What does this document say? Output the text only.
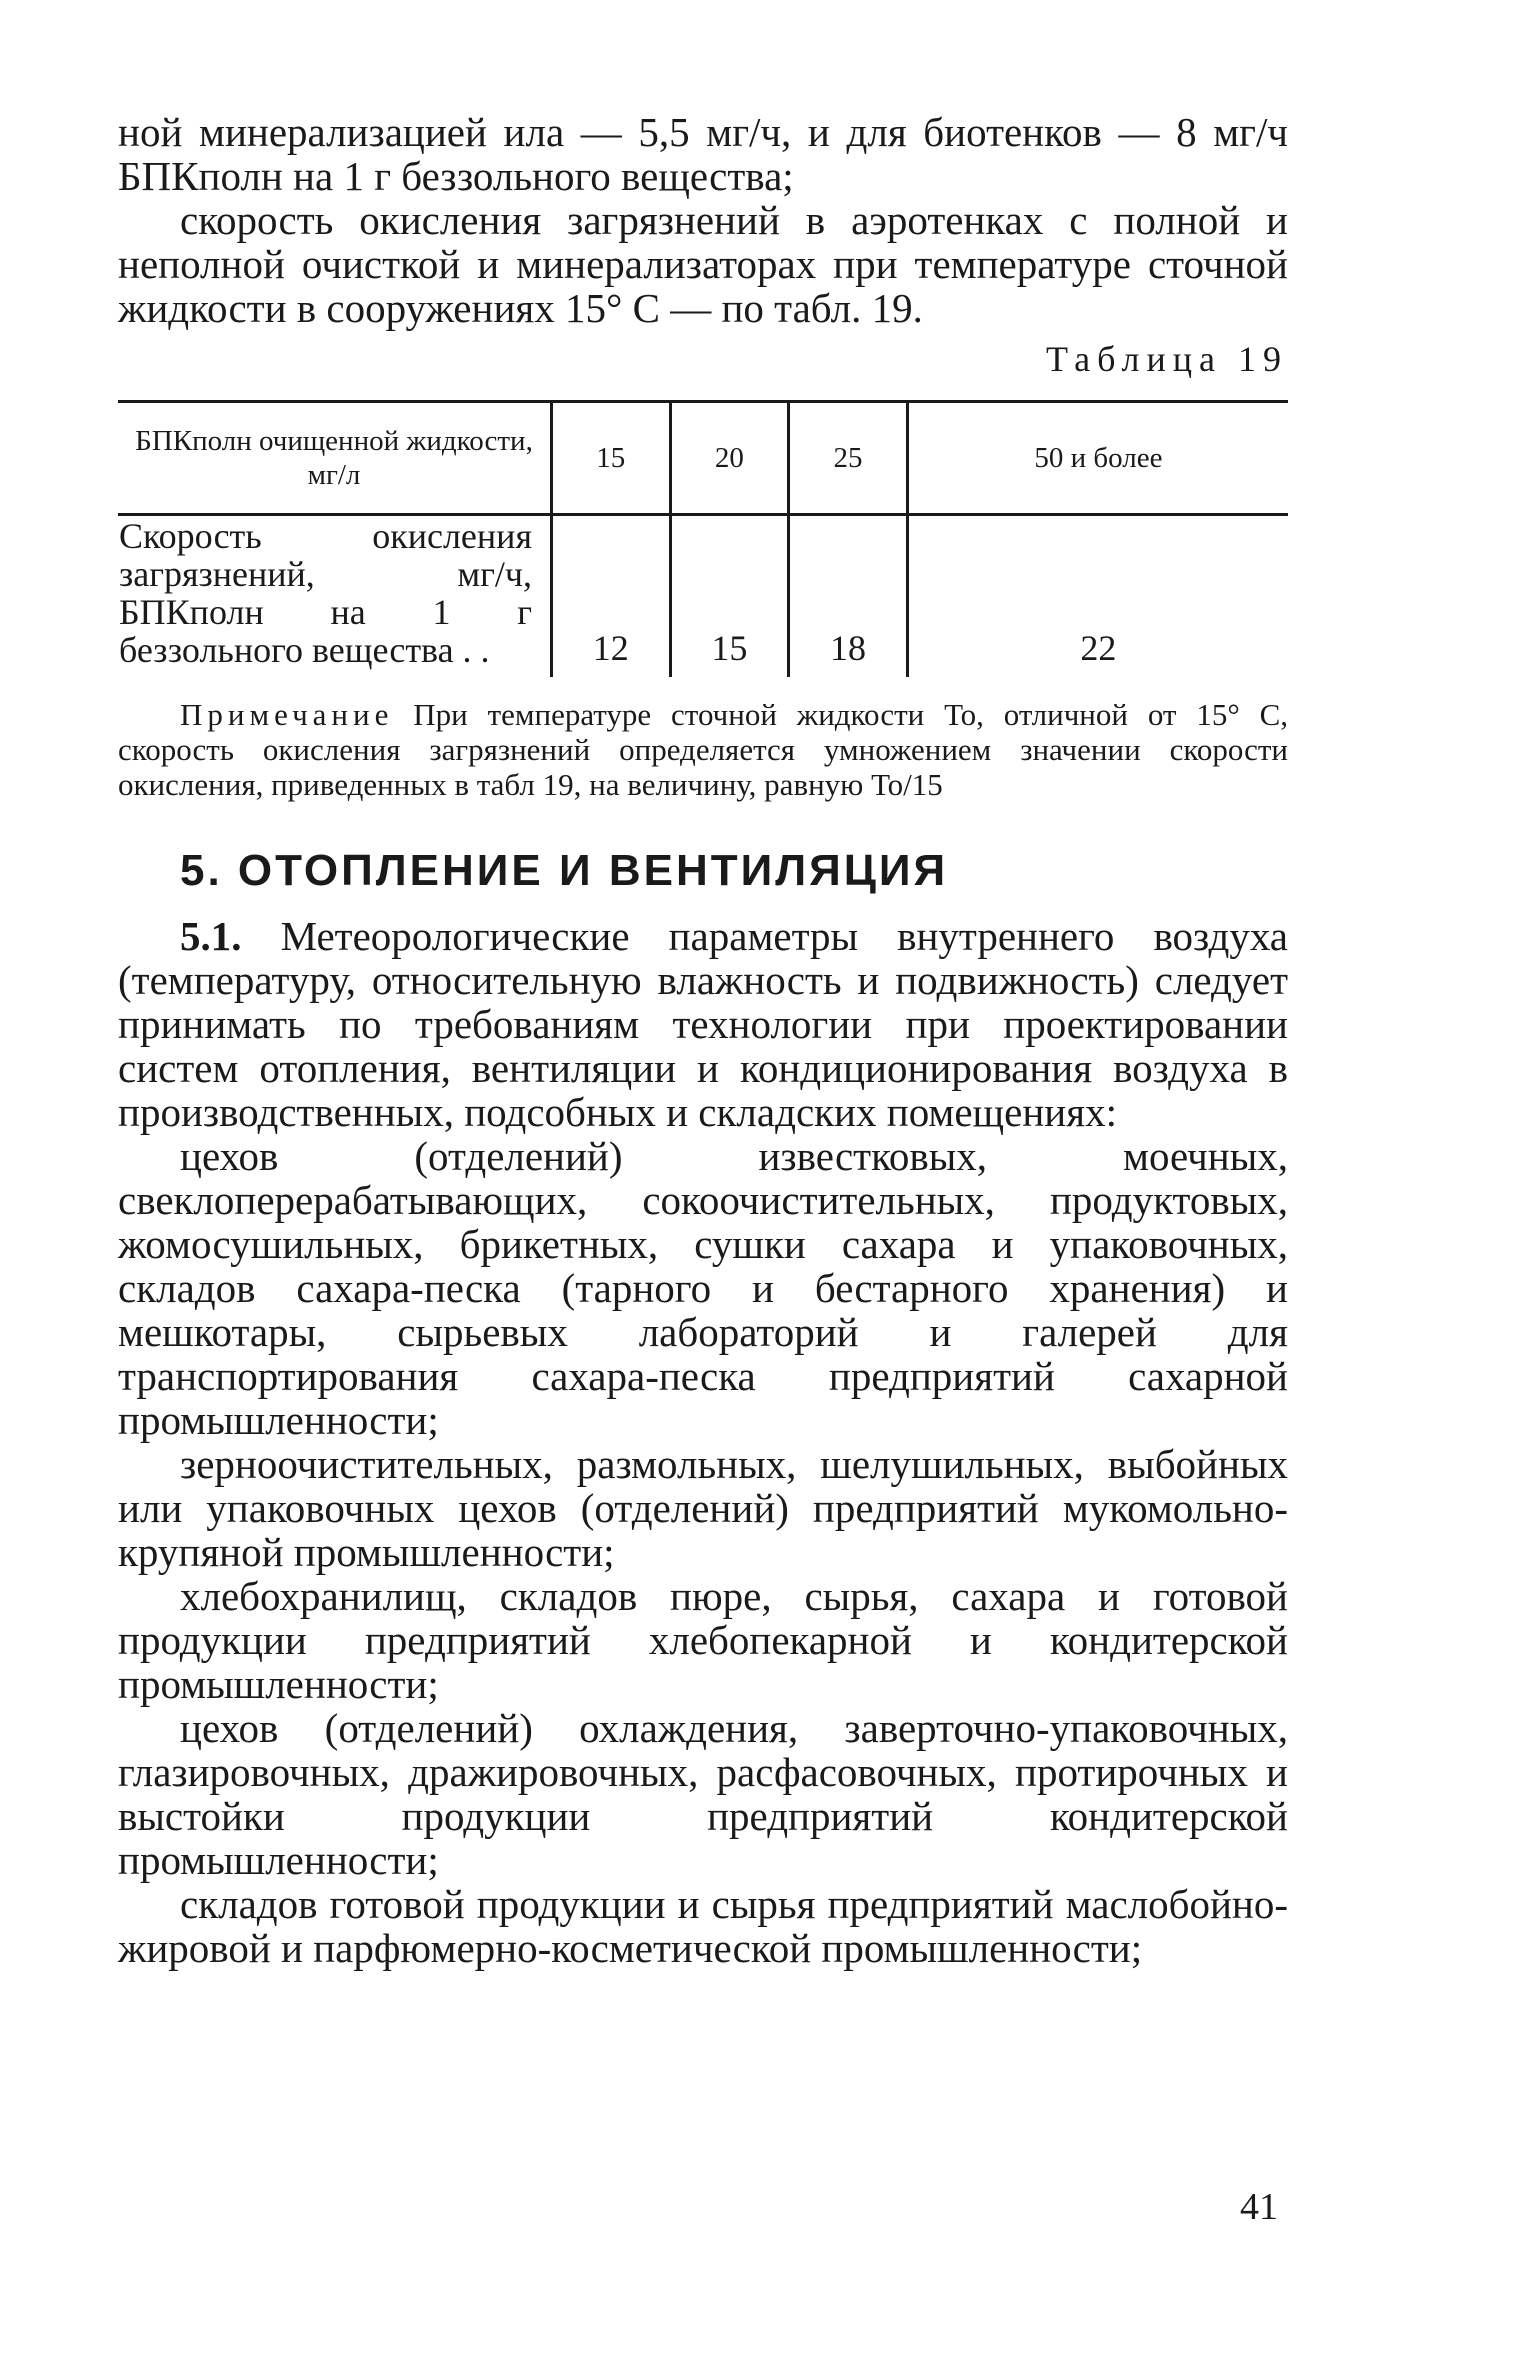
ной минерализацией ила — 5,5 мг/ч, и для биотенков — 8 мг/ч БПКполн на 1 г беззольного вещества;

скорость окисления загрязнений в аэротенках с полной и неполной очисткой и минерализаторах при температуре сточной жидкости в сооружениях 15° С — по табл. 19.

Таблица 19
БПКполн очищенной жидкости, мг/л	15	20	25	50 и более
Скорость окисления загрязнений, мг/ч, БПКполн на 1 г беззольного вещества . .	12	15	18	22

Примечание При температуре сточной жидкости То, отличной от 15° С, скорость окисления загрязнений определяется умножением значении скорости окисления, приведенных в табл 19, на величину, равную То/15

5. ОТОПЛЕНИЕ И ВЕНТИЛЯЦИЯ

5.1. Метеорологические параметры внутреннего воздуха (температуру, относительную влажность и подвижность) следует принимать по требованиям технологии при проектировании систем отопления, вентиляции и кондиционирования воздуха в производственных, подсобных и складских помещениях:

цехов (отделений) известковых, моечных, свеклоперерабатывающих, сокоочистительных, продуктовых, жомосушильных, брикетных, сушки сахара и упаковочных, складов сахара-песка (тарного и бестарного хранения) и мешкотары, сырьевых лабораторий и галерей для транспортирования сахара-песка предприятий сахарной промышленности;

зерноочистительных, размольных, шелушильных, выбойных или упаковочных цехов (отделений) предприятий мукомольно-крупяной промышленности;

хлебохранилищ, складов пюре, сырья, сахара и готовой продукции предприятий хлебопекарной и кондитерской промышленности;

цехов (отделений) охлаждения, заверточно-упаковочных, глазировочных, дражировочных, расфасовочных, протирочных и выстойки продукции предприятий кондитерской промышленности;

складов готовой продукции и сырья предприятий маслобойно-жировой и парфюмерно-косметической промышленности;

41
